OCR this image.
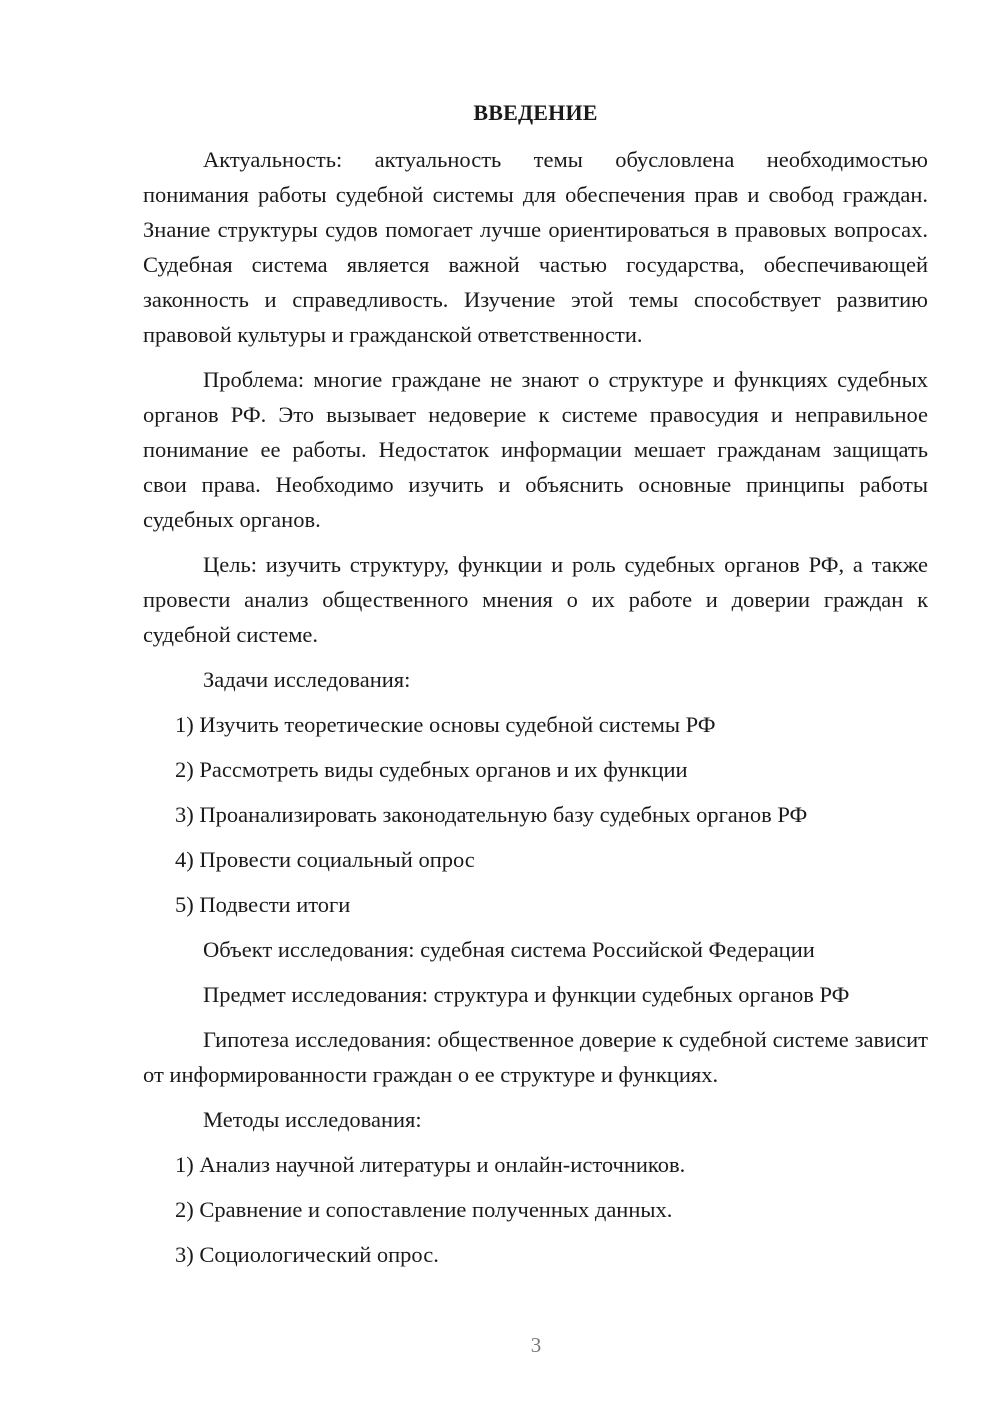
ВВЕДЕНИЕ

Актуальность: актуальность темы обусловлена необходимостью понимания работы судебной системы для обеспечения прав и свобод граждан. Знание структуры судов помогает лучше ориентироваться в правовых вопросах. Судебная система является важной частью государства, обеспечивающей законность и справедливость. Изучение этой темы способствует развитию правовой культуры и гражданской ответственности.

Проблема: многие граждане не знают о структуре и функциях судебных органов РФ. Это вызывает недоверие к системе правосудия и неправильное понимание ее работы. Недостаток информации мешает гражданам защищать свои права. Необходимо изучить и объяснить основные принципы работы судебных органов.

Цель: изучить структуру, функции и роль судебных органов РФ, а также провести анализ общественного мнения о их работе и доверии граждан к судебной системе.

Задачи исследования:

1) Изучить теоретические основы судебной системы РФ
2) Рассмотреть виды судебных органов и их функции
3) Проанализировать законодательную базу судебных органов РФ
4) Провести социальный опрос
5) Подвести итоги

Объект исследования: судебная система Российской Федерации

Предмет исследования: структура и функции судебных органов РФ

Гипотеза исследования: общественное доверие к судебной системе зависит от информированности граждан о ее структуре и функциях.

Методы исследования:

1) Анализ научной литературы и онлайн-источников.
2) Сравнение и сопоставление полученных данных.
3) Социологический опрос.
3
